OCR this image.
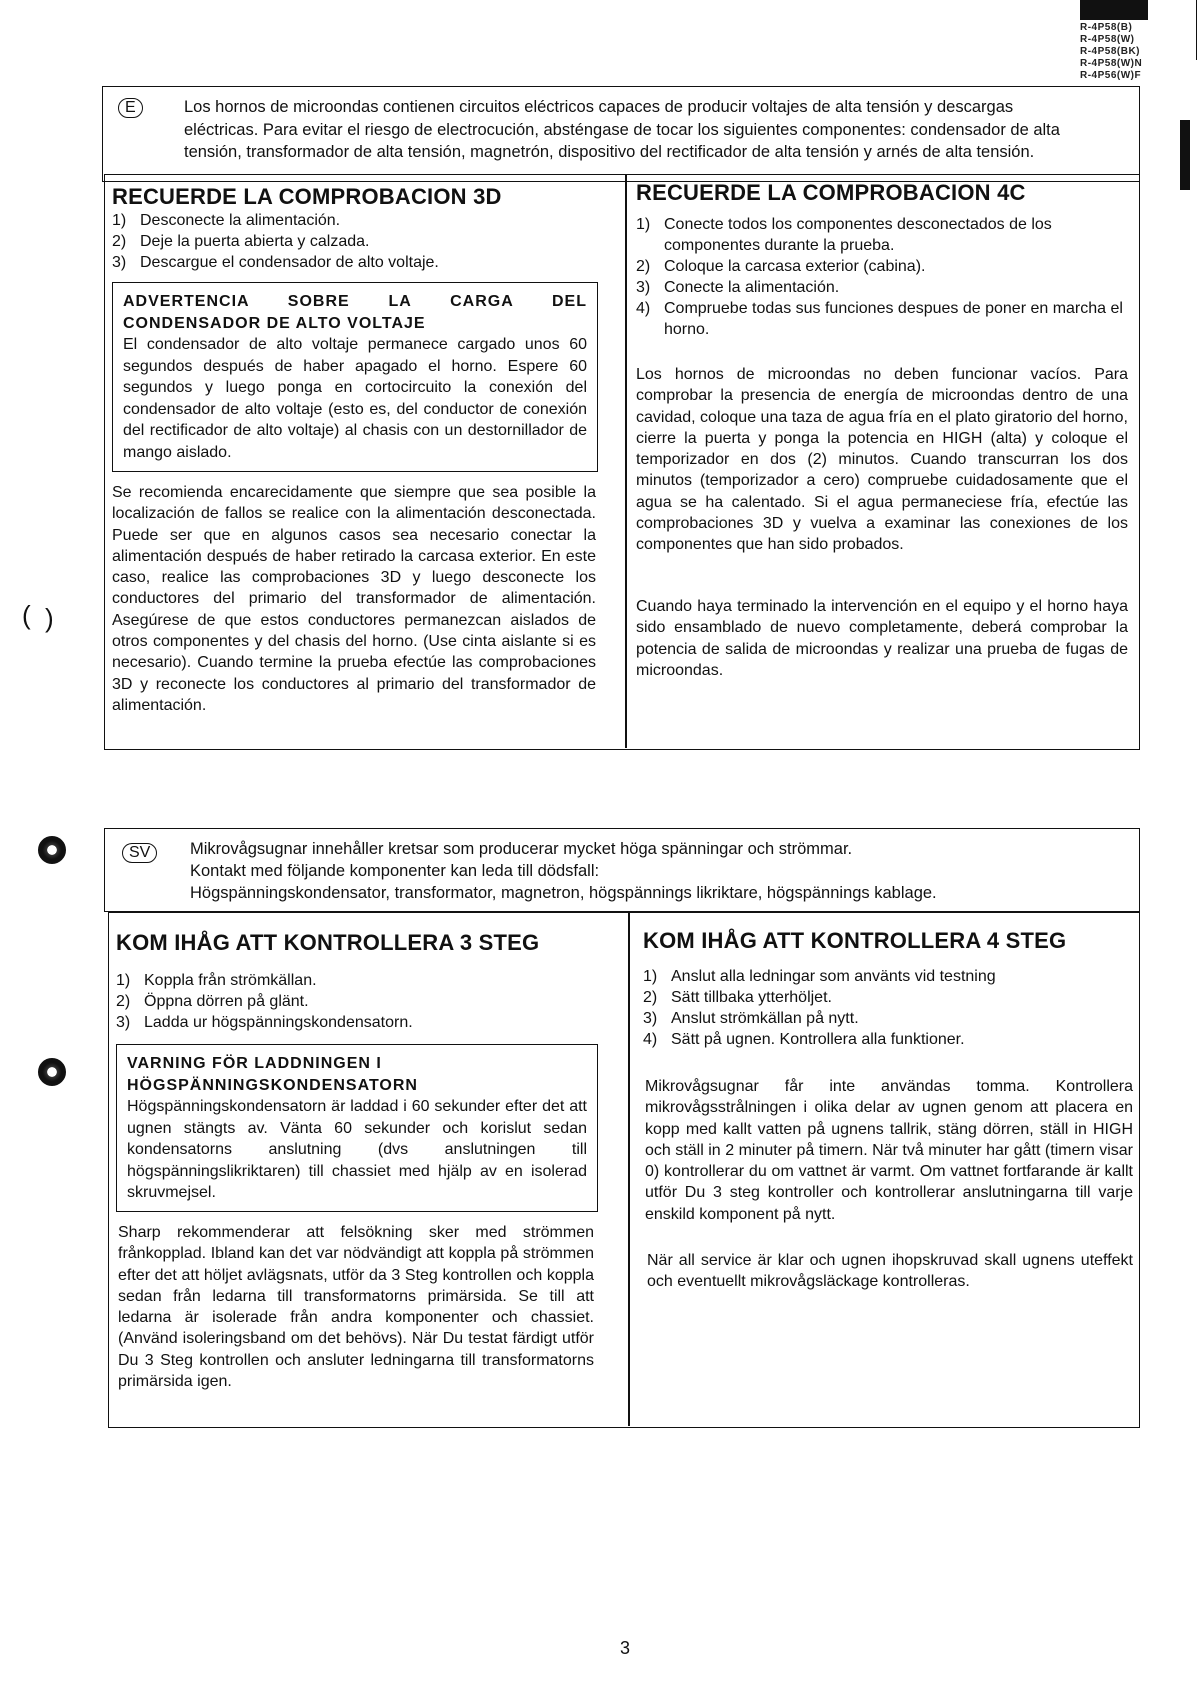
R-4P58(B)
R-4P58(W)
R-4P58(BK)
R-4P58(W)N
R-4P56(W)F
( )
E	Los hornos de microondas contienen circuitos eléctricos capaces de producir voltajes de alta tensión y descargas
eléctricas. Para evitar el riesgo de electrocución, absténgase de tocar los siguientes componentes: condensador de alta
tensión, transformador de alta tensión, magnetrón, dispositivo del rectificador de alta tensión y arnés de alta tensión.
RECUERDE LA COMPROBACION 3D
1) Desconecte la alimentación.
2) Deje la puerta abierta y calzada.
3) Descargue el condensador de alto voltaje.
ADVERTENCIA SOBRE LA CARGA DEL
CONDENSADOR DE ALTO VOLTAJE
El condensador de alto voltaje permanece cargado unos 60 segundos después de haber apagado el horno. Espere 60 segundos y luego ponga en cortocircuito la conexión del condensador de alto voltaje (esto es, del conductor de conexión del rectificador de alto voltaje) al chasis con un destornillador de mango aislado.

Se recomienda encarecidamente que siempre que sea posible la localización de fallos se realice con la alimentación desconectada. Puede ser que en algunos casos sea necesario conectar la alimentación después de haber retirado la carcasa exterior. En este caso, realice las comprobaciones 3D y luego desconecte los conductores del primario del transformador de alimentación. Asegúrese de que estos conductores permanezcan aislados de otros componentes y del chasis del horno. (Use cinta aislante si es necesario). Cuando termine la prueba efectúe las comprobaciones 3D y reconecte los conductores al primario del transformador de alimentación.

RECUERDE LA COMPROBACION 4C
1) Conecte todos los componentes desconectados de los componentes durante la prueba.
2) Coloque la carcasa exterior (cabina).
3) Conecte la alimentación.
4) Compruebe todas sus funciones despues de poner en marcha el horno.

Los hornos de microondas no deben funcionar vacíos. Para comprobar la presencia de energía de microondas dentro de una cavidad, coloque una taza de agua fría en el plato giratorio del horno, cierre la puerta y ponga la potencia en HIGH (alta) y coloque el temporizador en dos (2) minutos. Cuando transcurran los dos minutos (temporizador a cero) compruebe cuidadosamente que el agua se ha calentado. Si el agua permaneciese fría, efectúe las comprobaciones 3D y vuelva a examinar las conexiones de los componentes que han sido probados.

Cuando haya terminado la intervención en el equipo y el horno haya sido ensamblado de nuevo completamente, deberá comprobar la potencia de salida de microondas y realizar una prueba de fugas de microondas.

SV	Mikrovågsugnar innehåller kretsar som producerar mycket höga spänningar och strömmar.
Kontakt med följande komponenter kan leda till dödsfall:
Högspänningskondensator, transformator, magnetron, högspännings likriktare, högspännings kablage.
KOM IHÅG ATT KONTROLLERA 3 STEG
1) Koppla från strömkällan.
2) Öppna dörren på glänt.
3) Ladda ur högspänningskondensatorn.
VARNING FÖR LADDNINGEN I
HÖGSPÄNNINGSKONDENSATORN
Högspänningskondensatorn är laddad i 60 sekunder efter det att ugnen stängts av. Vänta 60 sekunder och korislut sedan kondensatorns anslutning (dvs anslutningen till högspänningslikriktaren) till chassiet med hjälp av en isolerad skruvmejsel.

Sharp rekommenderar att felsökning sker med strömmen frånkopplad. Ibland kan det var nödvändigt att koppla på strömmen efter det att höljet avlägsnats, utför da 3 Steg kontrollen och koppla sedan från ledarna till transformatorns primärsida. Se till att ledarna är isolerade från andra komponenter och chassiet. (Använd isoleringsband om det behövs). När Du testat färdigt utför Du 3 Steg kontrollen och ansluter ledningarna till transformatorns primärsida igen.

KOM IHÅG ATT KONTROLLERA 4 STEG
1) Anslut alla ledningar som använts vid testning
2) Sätt tillbaka ytterhöljet.
3) Anslut strömkällan på nytt.
4) Sätt på ugnen. Kontrollera alla funktioner.

Mikrovågsugnar får inte användas tomma. Kontrollera mikrovågsstrålningen i olika delar av ugnen genom att placera en kopp med kallt vatten på ugnens tallrik, stäng dörren, ställ in HIGH och ställ in 2 minuter på timern. När två minuter har gått (timern visar 0) kontrollerar du om vattnet är varmt. Om vattnet fortfarande är kallt utför Du 3 steg kontroller och kontrollerar anslutningarna till varje enskild komponent på nytt.

När all service är klar och ugnen ihopskruvad skall ugnens uteffekt och eventuellt mikrovågsläckage kontrolleras.

3
